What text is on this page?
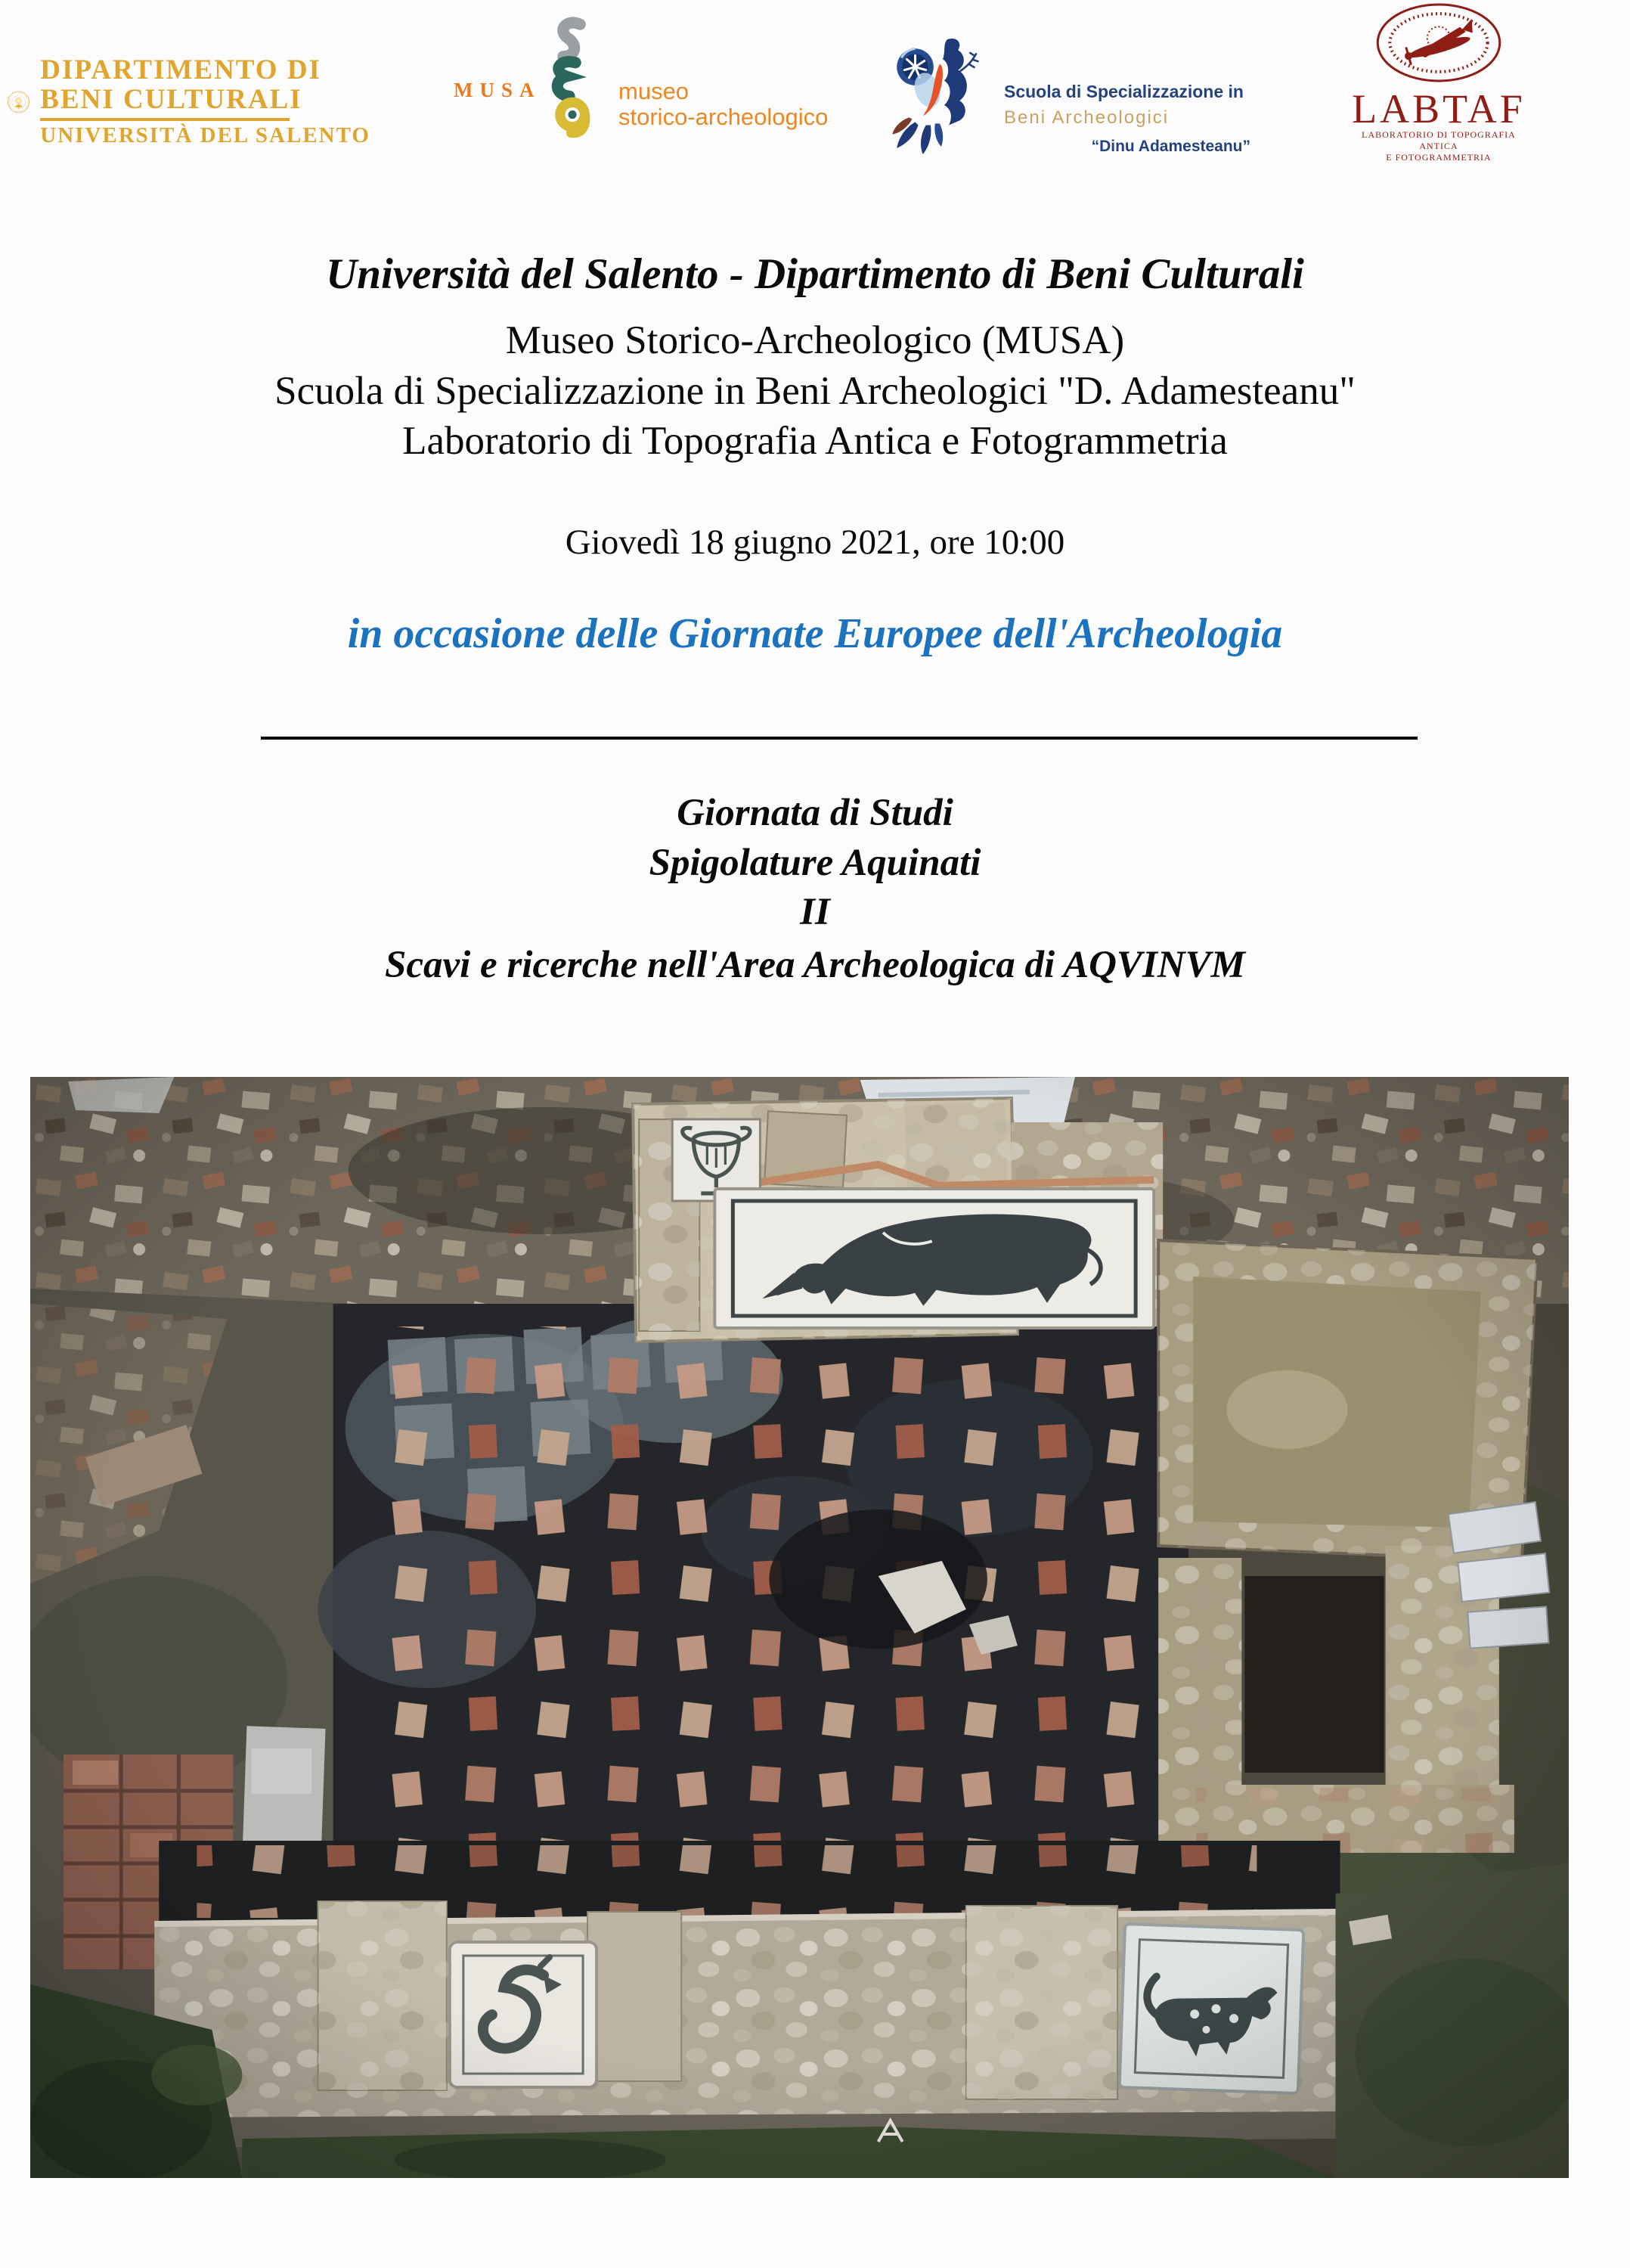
UNIVERSITAS STUDIORUM LUPIENSIS
DIPARTIMENTO DI
BENI CULTURALI
UNIVERSITÀ DEL SALENTO
MUSA	museo
storico-archeologico
Scuola di Specializzazione in
Beni Archeologici
“Dinu Adamesteanu”
LABTAF
LABORATORIO DI TOPOGRAFIA ANTICA
E FOTOGRAMMETRIA
Università del Salento - Dipartimento di Beni Culturali
Museo Storico-Archeologico (MUSA)
Scuola di Specializzazione in Beni Archeologici "D. Adamesteanu"
Laboratorio di Topografia Antica e Fotogrammetria
Giovedì 18 giugno 2021, ore 10:00
in occasione delle Giornate Europee dell'Archeologia
Giornata di Studi
Spigolature Aquinati
II
Scavi e ricerche nell'Area Archeologica di AQVINVM
